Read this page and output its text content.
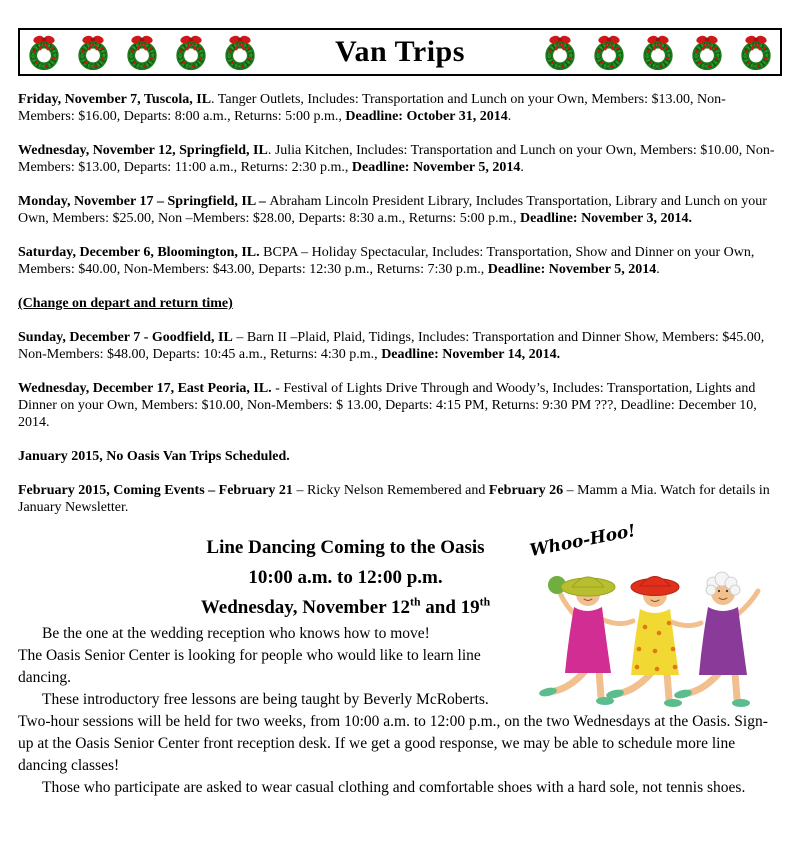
Van Trips

Friday, November 7, Tuscola, IL. Tanger Outlets, Includes: Transportation and Lunch on your Own, Members: $13.00, Non-Members: $16.00, Departs: 8:00 a.m., Returns: 5:00 p.m., Deadline: October 31, 2014.

Wednesday, November 12, Springfield, IL. Julia Kitchen, Includes: Transportation and Lunch on your Own, Members: $10.00, Non-Members: $13.00, Departs: 11:00 a.m., Returns: 2:30 p.m., Deadline: November 5, 2014.

Monday, November 17 – Springfield, IL – Abraham Lincoln President Library, Includes Transportation, Library and Lunch on your Own, Members: $25.00, Non –Members: $28.00, Departs: 8:30 a.m., Returns: 5:00 p.m., Deadline: November 3, 2014.

Saturday, December 6, Bloomington, IL. BCPA – Holiday Spectacular, Includes: Transportation, Show and Dinner on your Own, Members: $40.00, Non-Members: $43.00, Departs: 12:30 p.m., Returns: 7:30 p.m., Deadline: November 5, 2014.

(Change on depart and return time)

Sunday, December 7 - Goodfield, IL – Barn II –Plaid, Plaid, Tidings, Includes: Transportation and Dinner Show, Members: $45.00, Non-Members: $48.00, Departs: 10:45 a.m., Returns: 4:30 p.m., Deadline: November 14, 2014.

Wednesday, December 17, East Peoria, IL. - Festival of Lights Drive Through and Woody’s, Includes: Transportation, Lights and Dinner on your Own, Members: $10.00, Non-Members: $ 13.00, Departs: 4:15 PM, Returns: 9:30 PM ???, Deadline: December 10, 2014.

January 2015, No Oasis Van Trips Scheduled.

February 2015, Coming Events – February 21 – Ricky Nelson Remembered and February 26 – Mamm a Mia. Watch for details in January Newsletter.

Whoo-Hoo!
Line Dancing Coming to the Oasis
10:00 a.m. to 12:00 p.m.
Wednesday, November 12th and 19th

Be the one at the wedding reception who knows how to move!

The Oasis Senior Center is looking for people who would like to learn line dancing.

These introductory free lessons are being taught by Beverly McRoberts. Two-hour sessions will be held for two weeks, from 10:00 a.m. to 12:00 p.m., on the two Wednesdays at the Oasis. Sign-up at the Oasis Senior Center front reception desk. If we get a good response, we may be able to schedule more line dancing classes!

Those who participate are asked to wear casual clothing and comfortable shoes with a hard sole, not tennis shoes.
